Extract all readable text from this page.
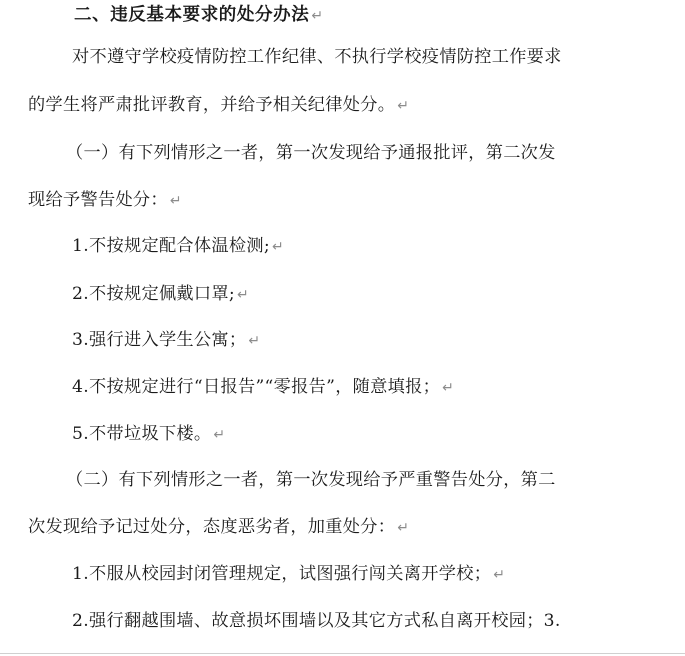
二、违反基本要求的处分办法 ↵
对不遵守学校疫情防控工作纪律、不执行学校疫情防控工作要求
的学生将严肃批评教育，并给予相关纪律处分。 ↵
（一）有下列情形之一者，第一次发现给予通报批评，第二次发
现给予警告处分： ↵
1.不按规定配合体温检测; ↵
2.不按规定佩戴口罩; ↵
3.强行进入学生公寓； ↵
4.不按规定进行“日报告”“零报告”，随意填报； ↵
5.不带垃圾下楼。 ↵
（二）有下列情形之一者，第一次发现给予严重警告处分，第二
次发现给予记过处分，态度恶劣者，加重处分： ↵
1.不服从校园封闭管理规定，试图强行闯关离开学校； ↵
2.强行翻越围墙、故意损坏围墙以及其它方式私自离开校园；3.
